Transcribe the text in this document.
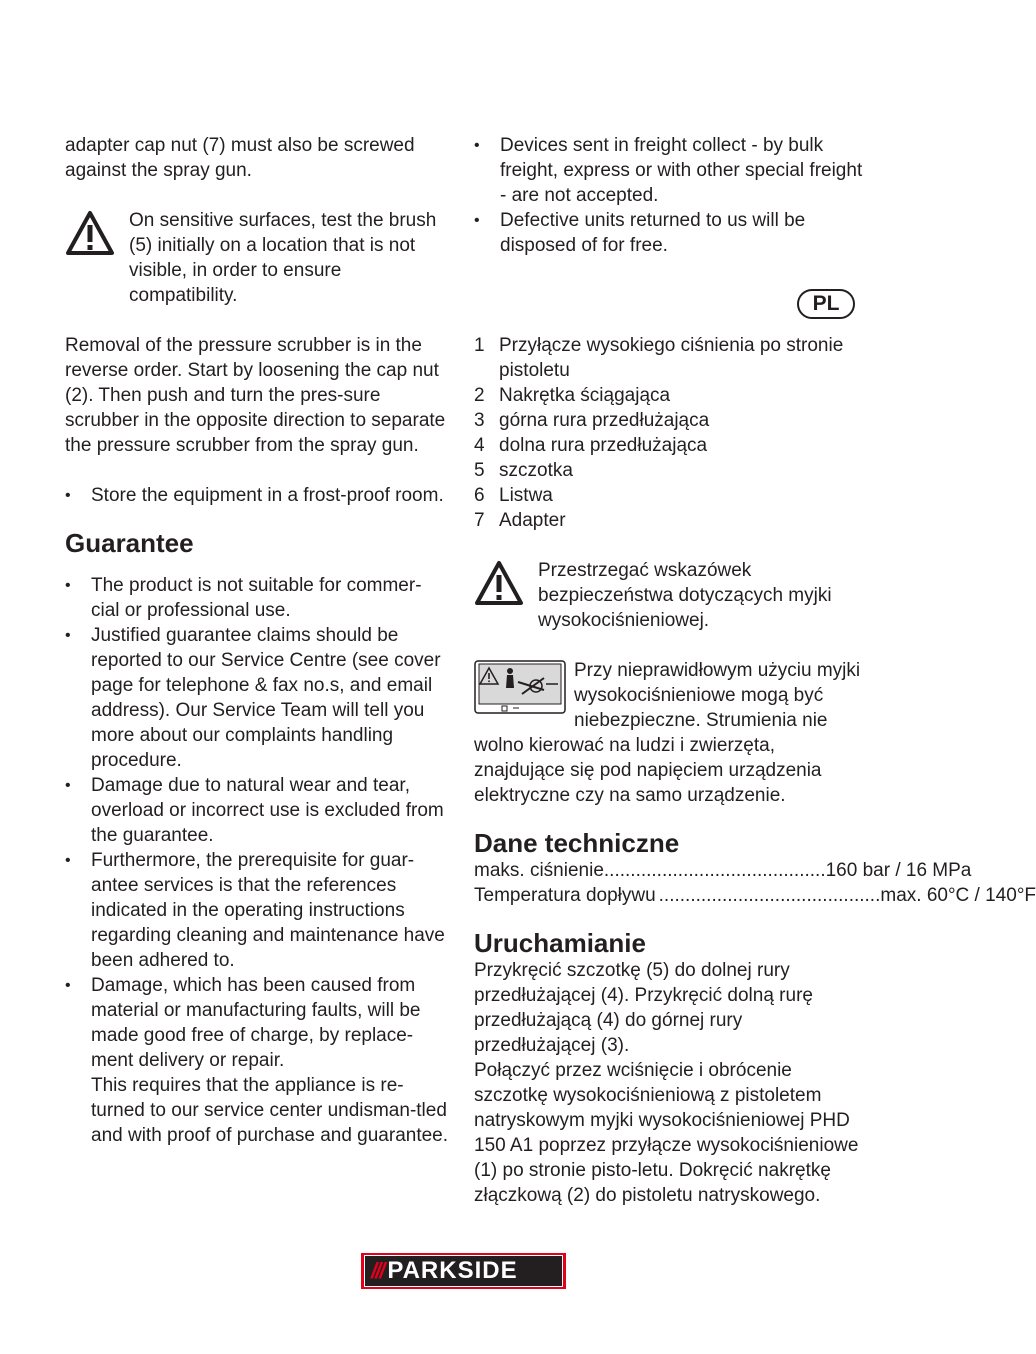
adapter cap nut (7) must also be screwed against the spray gun.

On sensitive surfaces, test the brush (5) initially on a location that is not visible, in order to ensure compatibility.

Removal of the pressure scrubber is in the reverse order. Start by loosening the cap nut (2). Then push and turn the pres-sure scrubber in the opposite direction to separate the pressure scrubber from the spray gun.

• Store the equipment in a frost-proof room.
Guarantee
• The product is not suitable for commer-cial or professional use.
• Justified guarantee claims should be reported to our Service Centre (see cover page for telephone & fax no.s, and email address). Our Service Team will tell you more about our complaints handling procedure.
• Damage due to natural wear and tear, overload or incorrect use is excluded from the guarantee.
• Furthermore, the prerequisite for guar-antee services is that the references indicated in the operating instructions regarding cleaning and maintenance have been adhered to.
• Damage, which has been caused from material or manufacturing faults, will be made good free of charge, by replace-ment delivery or repair.

This requires that the appliance is re-turned to our service center undisman-tled and with proof of purchase and guarantee.

• Devices sent in freight collect - by bulk freight, express or with other special freight - are not accepted.
• Defective units returned to us will be disposed of for free.
1 Przyłącze wysokiego ciśnienia po stronie pistoletu
2 Nakrętka ściągająca
3 górna rura przedłużająca
4 dolna rura przedłużająca
5 szczotka
6 Listwa
7 Adapter

Przestrzegać wskazówek bezpieczeństwa dotyczących myjki wysokociśnieniowej.

Przy nieprawidłowym użyciu myjki wysokociśnieniowe mogą być niebezpieczne. Strumienia nie wolno kierować na ludzi i zwierzęta, znajdujące się pod napięciem urządzenia elektryczne czy na samo urządzenie.

Dane techniczne
maks. ciśnienie .......................................... 160 bar / 16 MPa
Temperatura dopływu .......................................... max. 60°C / 140°F
Uruchamianie

Przykręcić szczotkę (5) do dolnej rury przedłużającej (4). Przykręcić dolną rurę przedłużającą (4) do górnej rury przedłużającej (3).

Połączyć przez wciśnięcie i obrócenie szczotkę wysokociśnieniową z pistoletem natryskowym myjki wysokociśnieniowej PHD 150 A1 poprzez przyłącze wysokociśnieniowe (1) po stronie pisto-letu. Dokręcić nakrętkę złączkową (2) do pistoletu natryskowego.

PL
/// PARKSIDE
